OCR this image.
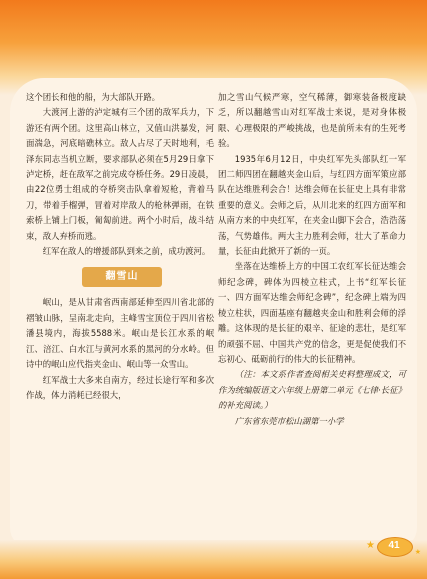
这个团长和他的船，为大部队开路。

大渡河上游的泸定城有三个团的敌军兵力，下游还有两个团。这里高山林立，又值山洪暴发，河面湍急，河底暗礁林立。敌人占尽了天时地利，毛泽东同志当机立断，要求部队必须在5月29日拿下泸定桥，赶在敌军之前完成夺桥任务。29日凌晨，由22位勇士组成的夺桥突击队拿着短枪，背着马刀，带着手榴弹，冒着对岸敌人的枪林弹雨，在铁索桥上铺上门板，匍匐前进。两个小时后，战斗结束，敌人弃桥而逃。

红军在敌人的增援部队到来之前，成功渡河。

翻雪山

岷山，是从甘肃省西南部延伸至四川省北部的褶皱山脉，呈南北走向，主峰雪宝顶位于四川省松潘县境内，海拔5588米。岷山是长江水系的岷江、涪江、白水江与黄河水系的黑河的分水岭。但诗中的岷山应代指夹金山、岷山等一众雪山。

红军战士大多来自南方，经过长途行军和多次作战，体力消耗已经很大，

加之雪山气候严寒，空气稀薄，御寒装备极度缺乏，所以翻越雪山对红军战士来说，是对身体极限、心理极限的严峻挑战，也是前所未有的生死考验。

1935年6月12日，中央红军先头部队红一军团二师四团在翻越夹金山后，与红四方面军策应部队在达维胜利会合！达维会师在长征史上具有非常重要的意义。会师之后，从川北来的红四方面军和从南方来的中央红军，在夹金山脚下会合，浩浩荡荡，气势雄伟。两大主力胜利会师，壮大了革命力量，长征由此掀开了新的一页。

坐落在达维桥上方的中国工农红军长征达维会师纪念碑，碑体为四棱立柱式，上书“红军长征一、四方面军达维会师纪念碑”，纪念碑上端为四棱立柱状，四面基座有翻越夹金山和胜利会师的浮雕。这体现的是长征的艰辛、征途的悲壮，是红军的顽强不屈、中国共产党的信念，更是促使我们不忘初心、砥砺前行的伟大的长征精神。

（注：本文系作者查阅相关史料整理成文，可作为统编版语文六年级上册第二单元《七律·长征》的补充阅读。）

广东省东莞市松山湖第一小学

★
★
41
